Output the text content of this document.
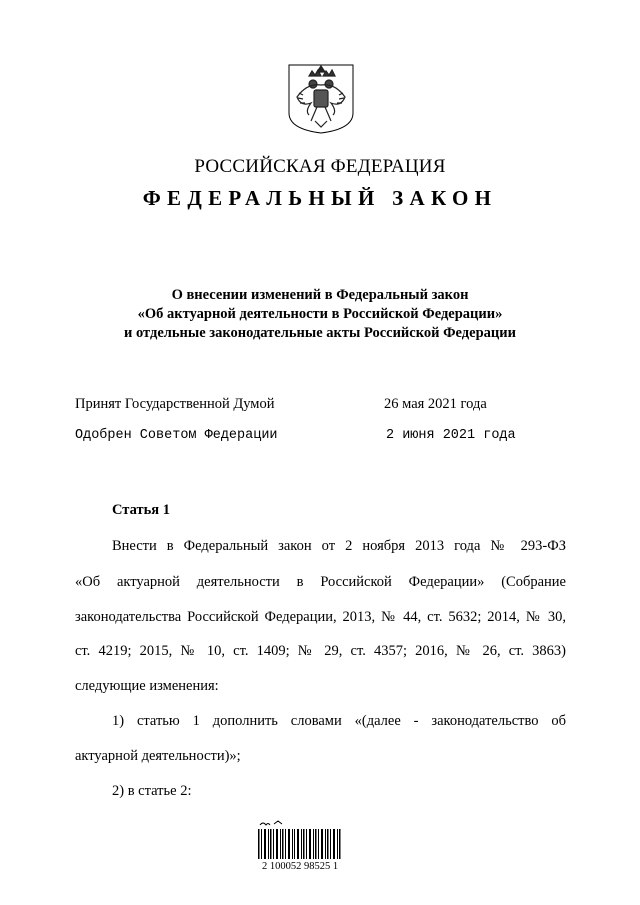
РОССИЙСКАЯ ФЕДЕРАЦИЯ
ФЕДЕРАЛЬНЫЙ ЗАКОН
О внесении изменений в Федеральный закон
«Об актуарной деятельности в Российской Федерации»
и отдельные законодательные акты Российской Федерации
Принят Государственной Думой	26 мая 2021 года
Одобрен Советом Федерации	2 июня 2021 года
Статья 1
Внести в Федеральный закон от 2 ноября 2013 года № 293-ФЗ
«Об актуарной деятельности в Российской Федерации» (Собрание
законодательства Российской Федерации, 2013, № 44, ст. 5632; 2014, № 30,
ст. 4219; 2015, № 10, ст. 1409; № 29, ст. 4357; 2016, № 26, ст. 3863)
следующие изменения:
1) статью 1 дополнить словами «(далее - законодательство об
актуарной деятельности)»;
2) в статье 2:
2 100052 98525 1
